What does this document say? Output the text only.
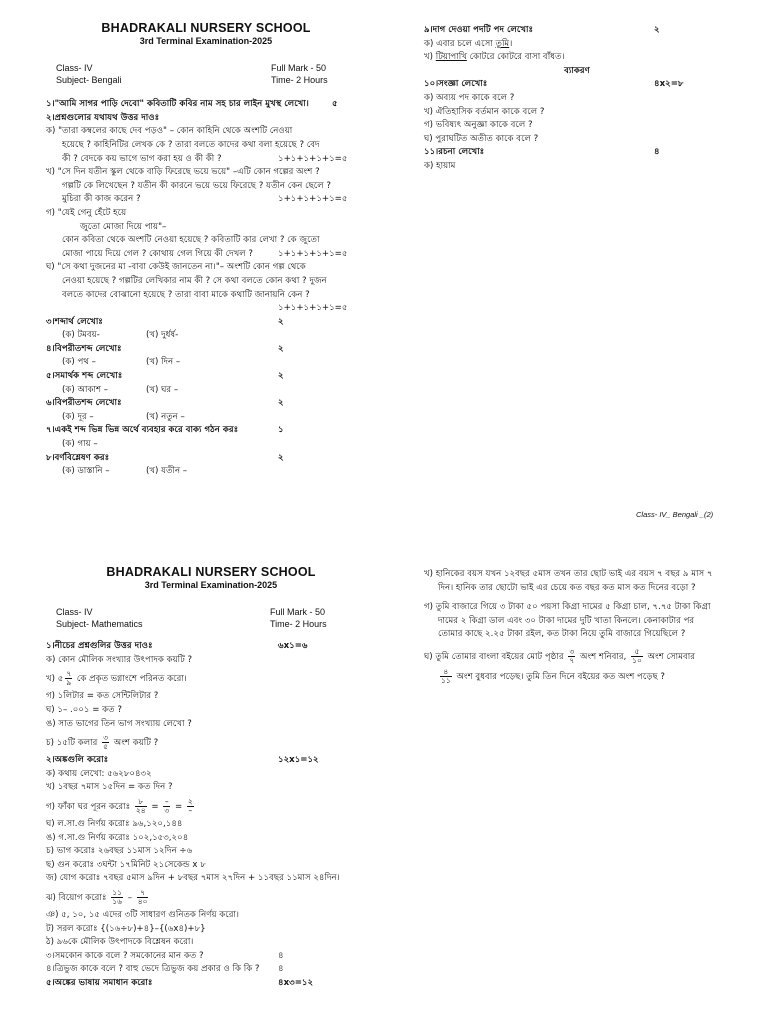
BHADRAKALI NURSERY SCHOOL
3rd Terminal Examination-2025
Class- IV	Full Mark - 50
Subject- Bengali	Time- 2 Hours
১।"আমি সাগর পাড়ি দেবো" কবিতাটি কবির নাম সহ চার লাইন মুখস্থ লেখো।	৫
২।প্রশ্নগুলোর যথাযথ উত্তর দাওঃ
ক) "তারা কম্বলের কাছে দেব পড়ও" – কোন কাহিনি থেকে অংশটি নেওয়া
হয়েছে ? কাহিনিটির লেখক কে ? তারা বলতে কাদের কথা বলা হয়েছে ? বেদ
কী ? বেদকে কয় ভাগে ভাগ করা হয় ও কী কী ?	১+১+১+১+১=৫
খ) "সে দিন যতীন স্কুল থেকে বাড়ি ফিরেছে ভয়ে ভয়ে" –এটি কোন গল্পের অংশ ?
গল্পটি কে লিখেছেন ? যতীন কী কারনে ভয়ে ভয়ে ফিরেছে ? যতীন কেন ছেলে ?
মুচিরা কী কাজ করেন ?	১+১+১+১+১=৫
গ) "যেই গেনু হেঁটে হয়ে
জুতো মোজা দিয়ে পায়"–
কোন কবিতা থেকে অংশটি নেওয়া হয়েছে ? কবিতাটি কার লেখা ? কে জুতো
মোজা পায়ে দিয়ে গেল ? কোথায় গেল গিয়ে কী দেখল ?	১+১+১+১+১=৫
ঘ) "সে কথা দুজনের মা -বাবা কেউই জানতেন না।"– অংশটি কোন গল্প থেকে
নেওয়া হয়েছে ? গল্পটির লেখিকার নাম কী ? সে কথা বলতে কোন কথা ? দুজন
বলতে কাদের বোঝানো হয়েছে ? তারা বাবা মাকে কথাটি জানায়নি কেন ?
১+১+১+১+১=৫
৩।শব্দার্থ লেখোঃ	২
(ক) টমবয়-	(খ) দুর্ধর্ষ-
৪।বিপরীতশব্দ লেখোঃ	২
(ক) পথ –	(খ) দিন –
৫।সমার্থক শব্দ লেখোঃ	২
(ক) আকাশ –	(খ) ঘর –
৬।বিপরীতশব্দ লেখোঃ	২
(ক) দূর –	(খ) নতুন –
৭।একই শব্দ ভিন্ন ভিন্ন অর্থে ব্যবহার করে বাক্য গঠন করঃ	১
(ক) গায় –
৮।বর্ণবিশ্লেষণ করঃ	২
(ক) ডাস্তানি –	(খ) যতীন –
৯।দাগ দেওয়া পদটি পদ লেখোঃ	২
ক) এবার চলে এসো তুমি।
খ) টিয়াপাখি কোটরে কোটরে বাসা বাঁধত।
ব্যাকরণ
১০।সংজ্ঞা লেখোঃ	৪x২=৮
ক) অব্যয় পদ কাকে বলে ?
খ) ঐতিহাসিক বর্তমান কাকে বলে ?
গ) ভবিষ্যৎ অনুজ্ঞা কাকে বলে ?
ঘ) পুরাঘটিত অতীত কাকে বলে ?
১১।রচনা লেখোঃ	৪
ক) হায়াম
Class- IV_ Bengali _(2)
BHADRAKALI NURSERY SCHOOL
3rd Terminal Examination-2025
Class- IV	Full Mark - 50
Subject- Mathematics	Time- 2 Hours
১।নীচের প্রশ্নগুলির উত্তর দাওঃ	৬x১=৬
ক) কোন মৌলিক সংখ্যার উৎপাদক কয়টি ?
খ) ৫ $\frac{৭}{৯}$ কে প্রকৃত ভগ্নাংশে পরিনত করো।
গ) ১লিটার = কত সেন্টিলিটার ?
ঘ) ১– .০০১ = কত ?
ঙ) সাত ভাগের তিন ভাগ সংখ্যায় লেখো ?
চ) ১৫টি কলার $\frac{৩}{৫}$ অংশ কয়টি ?
২।অঙ্কগুলি করোঃ	১২x১=১২
ক) কথায় লেখো: ৫৬২৮০৪৩২
খ) ১বছর ৭মাস ১৫দিন = কত দিন ?
গ) ফাঁকা ঘর পূরন করোঃ $\frac{৮}{২৪} = \frac{-}{৩} = \frac{২}{-}$
ঘ) ল.সা.গু নির্ণয় করোঃ ৯৬,১২০,১৪৪
ঙ) গ.সা.গু নির্ণয় করোঃ ১০২,১৫৩,২০৪
চ) ভাগ করোঃ ২৬বছর ১১মাস ১২দিন ÷৬
ছ) গুন করোঃ ৩ঘন্টা ১৭মিনিট ২১সেকেন্ড x ৮
জ) যোগ করোঃ ৭বছর ৫মাস ৯দিন + ৮বছর ৭মাস ২৭দিন + ১১বছর ১১মাস ২৪দিন।
ঝ) বিয়োগ করোঃ $\frac{১১}{১৬} - \frac{৭}{৪০}$
ঞ) ৫, ১০, ১৫ এদের ৩টি সাধারণ গুনিতক নির্ণয় করো।
ট) সরল করোঃ {(১৬÷৮)+৪}–{(৬x৪)+৮}
ঠ) ৯৬কে মৌলিক উৎপাদকে বিশ্লেষন করো।
৩।সমকোন কাকে বলে ? সমকোনের মান কত ?	৪
৪।ত্রিভুজ কাকে বলে ? বাহু ভেদে ত্রিভুজ কয় প্রকার ও কি কি ? ৪
৫।অঙ্কের ভাষায় সমাধান করোঃ	৪x৩=১২
খ) হানিকের বয়স যখন ১২বছর ৫মাস তখন তার ছোট ভাই এর বয়স ৭ বছর ৯ মাস ৭
দিন। হানিক তার ছোটো ভাই এর চেয়ে কত বছর কত মাস কত দিনের বড়ো ?
গ) তুমি বাজারে গিয়ে ৩ টাকা ৫০ পয়সা কিগ্রা দামের ৫ কিগ্রা চাল, ৭.৭৫ টাকা কিগ্রা
দামের ২ কিগ্রা ডাল এবং ৩০ টাকা দামের দুটি খাতা কিনলে। কেনাকাটার পর
তোমার কাছে ২.২৫ টাকা রইল, কত টাকা নিয়ে তুমি বাজারে গিয়েছিলে ?
ঘ) তুমি তোমার বাংলা বইয়ের মোট পৃষ্ঠার $\frac{৩}{৭}$ অংশ শনিবার, $\frac{৫}{১০}$ অংশ সোমবার
$\frac{৪}{১১}$ অংশ বুধবার পড়েছ। তুমি তিন দিনে বইয়ের কত অংশ পড়েছ ?
